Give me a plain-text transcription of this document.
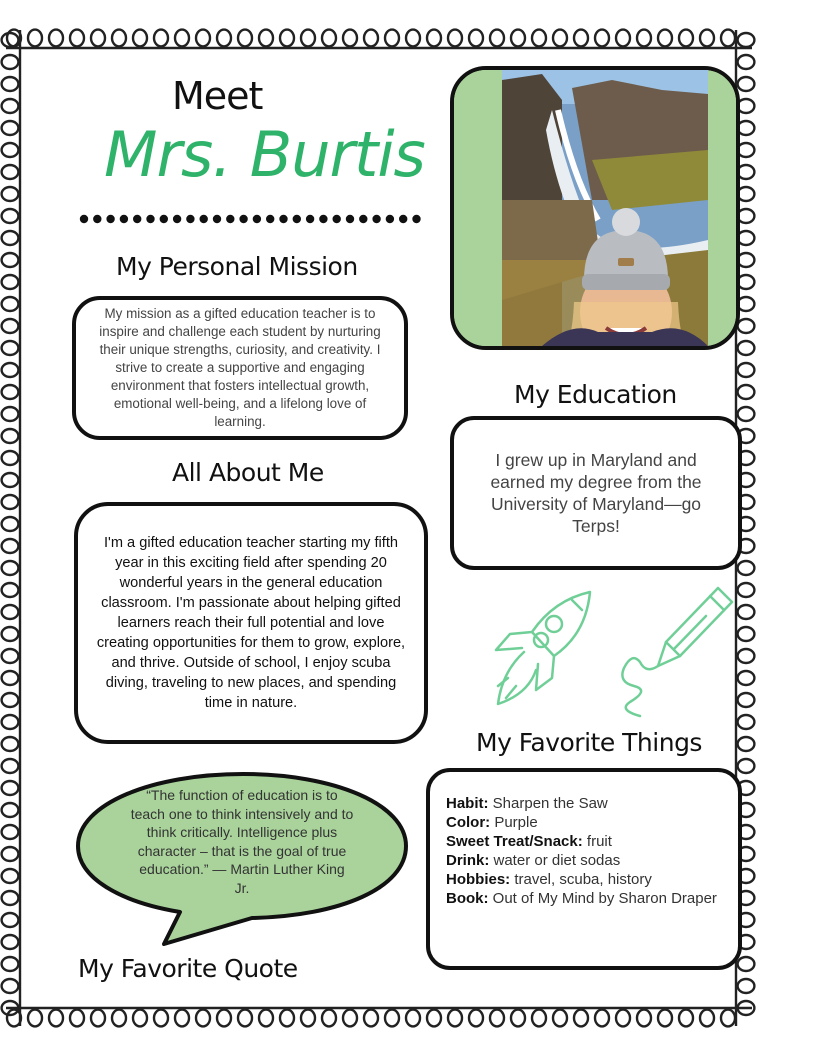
Meet
Mrs. Burtis
My Personal Mission
My mission as a gifted education teacher is to inspire and challenge each student by nurturing their unique strengths, curiosity, and creativity. I strive to create a supportive and engaging environment that fosters intellectual growth, emotional well-being, and a lifelong love of learning.
All About Me
I'm a gifted education teacher starting my fifth year in this exciting field after spending 20 wonderful years in the general education classroom. I'm passionate about helping gifted learners reach their full potential and love creating opportunities for them to grow, explore, and thrive. Outside of school, I enjoy scuba diving, traveling to new places, and spending time in nature.
“The function of education is to teach one to think intensively and to think critically. Intelligence plus character – that is the goal of true education.” — Martin Luther King Jr.
My Favorite Quote
My Education
I grew up in Maryland and earned my degree from the University of Maryland—go Terps!
My Favorite Things
Habit: Sharpen the Saw
Color: Purple
Sweet Treat/Snack: fruit
Drink: water or diet sodas
Hobbies: travel, scuba, history
Book: Out of My Mind by Sharon Draper
